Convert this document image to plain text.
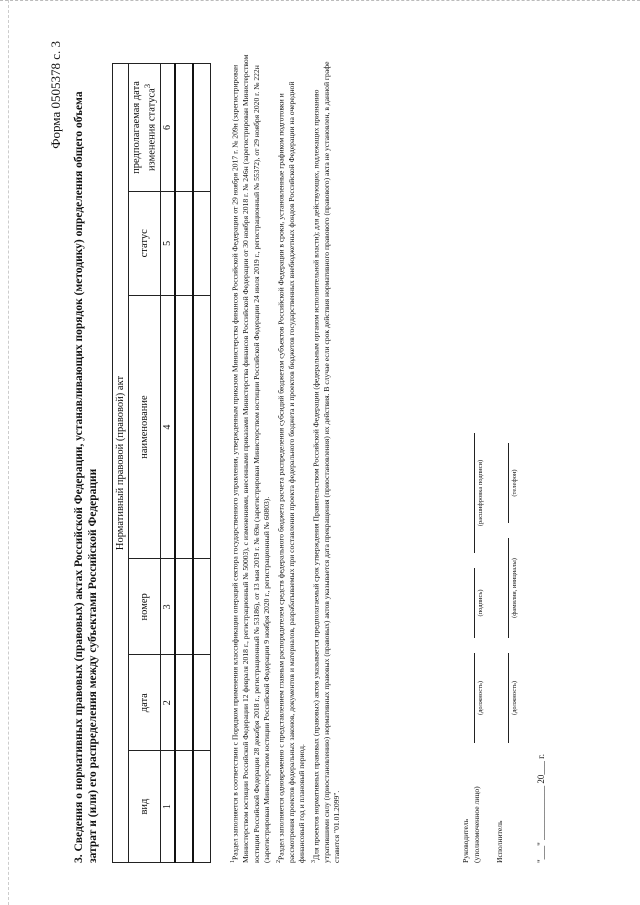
Форма 0505378 с. 3 3. Сведения о нормативных правовых (правовых) актах Российской Федерации, устанавливающих порядок (методику) определения общего объема затрат и (или) его распределения между субъектами Российской Федерации
Нормативный правовой (правовой) акт					
вид	дата	номер	наименование	статус	предполагаемая дата изменения статуса$^3$
1	2	3	4	5	6

$^1$Раздел заполняется в соответствии с Порядком применения классификации операций сектора государственного управления, утвержденным приказом Министерства финансов Российской Федерации от 29 ноября 2017 г. № 209н (зарегистрирован Министерством юстиции Российской Федерации 12 февраля 2018 г., регистрационный № 50003), с изменениями, внесенными приказами Министерства финансов Российской Федерации от 30 ноября 2018 г. № 246н (зарегистрирован Министерством юстиции Российской Федерации 28 декабря 2018 г., регистрационный № 53186), от 13 мая 2019 г. № 69н (зарегистрирован Министерством юстиции Российской Федерации 24 июля 2019 г., регистрационный № 55372), от 29 ноября 2020 г. № 222н (зарегистрирован Министерством юстиции Российской Федерации 9 ноября 2020 г., регистрационный № 60803). $^2$Раздел заполняется одновременно с представлением главным распорядителем средств федерального бюджета расчета распределения субсидий бюджетам субъектов Российской Федерации в сроки, установленные графиком подготовки и рассмотрения проектов федеральных законов, документов и материалов, разрабатываемых при составлении проекта федерального бюджета и проектов бюджетов государственных внебюджетных фондов Российской Федерации на очередной финансовый год и плановый период. $^3$Для проектов нормативных правовых (правовых) актов указывается предполагаемый срок утверждения Правительством Российской Федерации (федеральным органом исполнительной власти); для действующих, подлежащих признанию утратившими силу (приостановлению) нормативных правовых (правовых) актов указывается дата прекращения (приостановления) их действия. В случае если срок действия нормативного правового (правового) акта не установлен, в данной графе ставится "01.01.2099".	Руководитель (уполномоченное лицо)
(должность)
(подпись)
(расшифровка подписи)
Исполнитель
(должность)
(фамилия, инициалы)
(телефон)
"___" ____________ 20___ г.
